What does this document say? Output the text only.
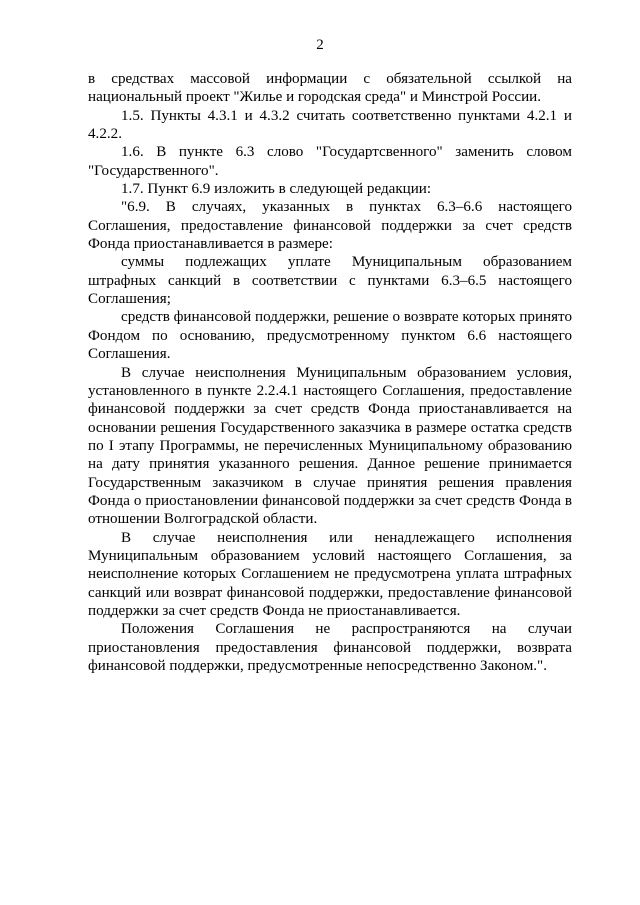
2

в средствах массовой информации с обязательной ссылкой на национальный проект "Жилье и городская среда" и Минстрой России.

1.5. Пункты 4.3.1 и 4.3.2 считать соответственно пунктами 4.2.1 и 4.2.2.

1.6. В пункте 6.3 слово "Государтсвенного" заменить словом "Государственного".

1.7. Пункт 6.9 изложить в следующей редакции:

"6.9. В случаях, указанных в пунктах 6.3–6.6 настоящего Соглашения, предоставление финансовой поддержки за счет средств Фонда приостанавливается в размере:

суммы подлежащих уплате Муниципальным образованием штрафных санкций в соответствии с пунктами 6.3–6.5 настоящего Соглашения;

средств финансовой поддержки, решение о возврате которых принято Фондом по основанию, предусмотренному пунктом 6.6 настоящего Соглашения.

В случае неисполнения Муниципальным образованием условия, установленного в пункте 2.2.4.1 настоящего Соглашения, предоставление финансовой поддержки за счет средств Фонда приостанавливается на основании решения Государственного заказчика в размере остатка средств по I этапу Программы, не перечисленных Муниципальному образованию на дату принятия указанного решения. Данное решение принимается Государственным заказчиком в случае принятия решения правления Фонда о приостановлении финансовой поддержки за счет средств Фонда в отношении Волгоградской области.

В случае неисполнения или ненадлежащего исполнения Муниципальным образованием условий настоящего Соглашения, за неисполнение которых Соглашением не предусмотрена уплата штрафных санкций или возврат финансовой поддержки, предоставление финансовой поддержки за счет средств Фонда не приостанавливается.

Положения Соглашения не распространяются на случаи приостановления предоставления финансовой поддержки, возврата финансовой поддержки, предусмотренные непосредственно Законом.".
